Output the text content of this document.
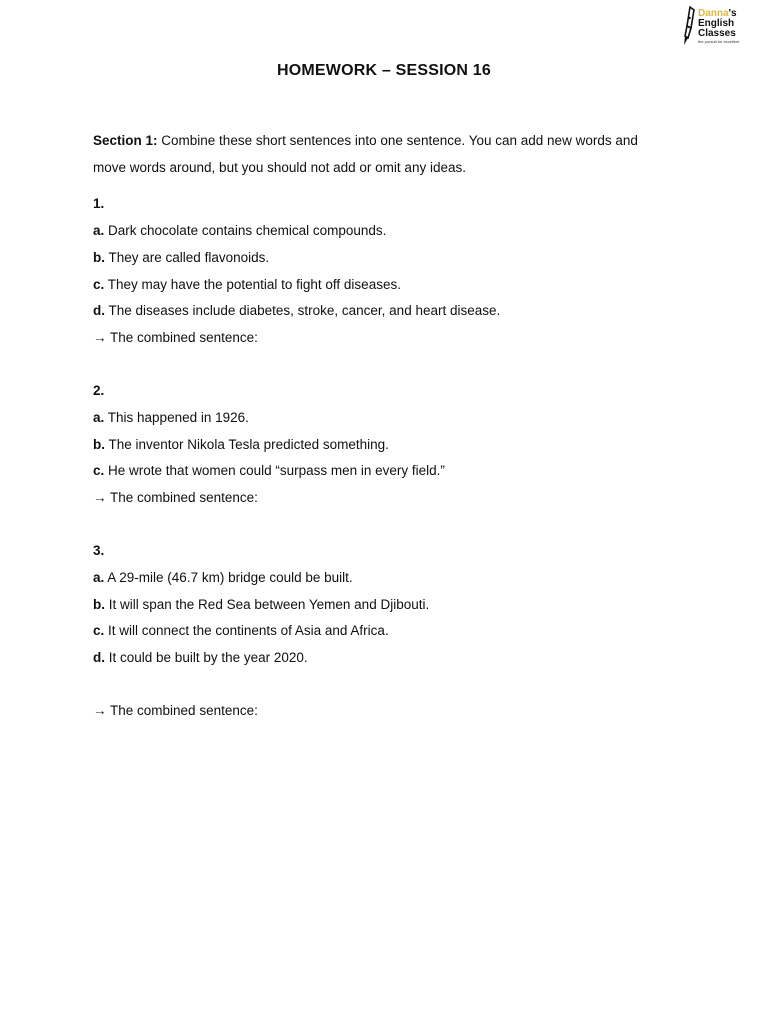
Danna's
English
Classes
the pursuit for excellent
HOMEWORK – SESSION 16
Section 1: Combine these short sentences into one sentence. You can add new words and move words around, but you should not add or omit any ideas.
1.
a. Dark chocolate contains chemical compounds.
b. They are called flavonoids.
c. They may have the potential to fight off diseases.
d. The diseases include diabetes, stroke, cancer, and heart disease.
→ The combined sentence:
2.
a. This happened in 1926.
b. The inventor Nikola Tesla predicted something.
c. He wrote that women could “surpass men in every field.”
→ The combined sentence:
3.
a. A 29-mile (46.7 km) bridge could be built.
b. It will span the Red Sea between Yemen and Djibouti.
c. It will connect the continents of Asia and Africa.
d. It could be built by the year 2020.
→ The combined sentence:
